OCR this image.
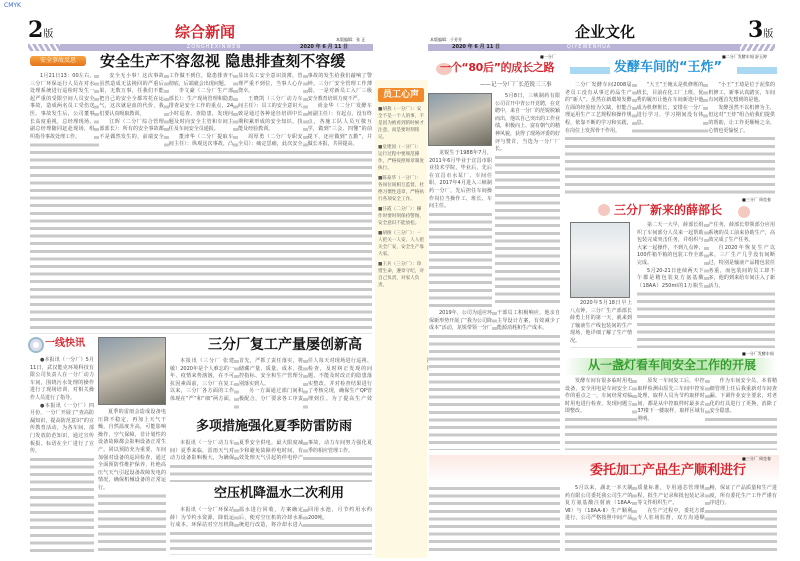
CMYK
2版	综合新闻	本版编辑：张 正
ZONGHEXINWEN	2020 年 6 月 11 日
安全事故反思	安全生产不容忽视 隐患排查刻不容缓

1月21日13：00左右，三分厂环保运行人员在对水处理系统进行巡检时发生一起严重的受限空间人员安全事故，造成两名员工受伤送医。事故发生后，公司董事长高度重视，总经理现场、副总经理随同赶赴现场，组织指导事故处理工作。

安全无小事！这次事故虽然造成无法挽回的严重后果，无数万事，任我们不能把自己的安全全都寄托在运气，这次就是血的代价，我们要认真吸取教训。

江晖（二分厂综合管理部部长）：所有的安全事故都不是偶然发生的，前端安全工作做不到位，隐患排查不彻底，后端就会出现问题。

李文豪（二分厂生产部部长）：生产现场管理和隐患排查是安全工作的重点，24小时巡查、查隐患，发现问题及时向安全主管和车间主任及车间安全员通报。

董津华（二分厂提取车间主任）：纵观这次事故，凸显出员工安全意识淡薄，管理严重不到位，当事人心存侥幸。

王晓凯（三分厂动力车间主任）：员工的安全意识大致是通过各种途径培训中长期积累形成的安全知识、技能及经验教训。

周厚勇（二分厂专职安全员）：痛定思痛，此次安全事故的发生给我们敲响了警钟。三分厂安全管理工作薄弱，一是对新员工入厂三级安全教育培训力度不严。

尚金华（二分厂发酵车间副主任）：有起点，没有终点，各施工队人员互敬互学，做到“三会、四懂”的前提下，还应做到“五勤”，并做长本报，共同提高。

一线快讯

●本报讯（一分厂）5月11日，武汉能克环境科技有限公司负责人在一分厂动力车间，围绕污水处理的操作进行了现场培训，对相关操作人员进行了指导。

●本报讯（一分厂）四月份，一分厂开展了“查高防漏知识，提高防范意识”的宣传教育活动，为各车间、部门发放防范知识，通过宣传板报、标语在全厂进行了宣传。

三分厂复工产量屡创新高

本报讯（三分厂 张建敏）2020年是个人难忘的一年，疫情来势汹汹，在不可抗因素面前，三分厂在复工以来，三分厂各方面的工作体现在“严”和“细”两方面，首先，严抓了责任落实，将储藏产量、质量、成本、批控指标、安全和生产管理分别落实到人。

另一方面通过部门间积极配合，分厂要求各工序责任人每天对现场进行巡视、检查，及时纠正发现的问题，不能及时改正的隐患落实整改，并对检查结果进行了考核兑现，确保生产QP管理到位。为了提高生产效 全 企

夏季的雷雨会造成设备电压降不稳定，再加上天气干燥，自然温度升高，可能影响操作，空气保障，非计划性的设备故障都会影响设备正常生产。同以预防充为重要，车间加强对设备的巡回检查，通过全面预防性维护保养，杜绝高压气天气引起设备故障发电的情况，确保机械设备的正常运行。

多项措施强化夏季防雷防雨

本报讯（一分厂动力车间）夏季来临，雷雨天气对动力设备影响极大，为确保夏季安全供电，最大限度减少和避免故障停电时间，有效处理天气引起的停电停产事故，动力车间努力强化夏季的相应管理工作。

空压机降温水二次利用

本报讯（一分厂环保站 薛）为节约水资源，降低运行成本，环保站对空压机降温水进行回收，方案确定后，便对空压机的冷却水系统进行改造，将冷却水进入回用水池，月节约用水约200吨。

员工心声

■胡燕（一分厂）：安全不是一个人的事，不是因为被看到的时候才注意，而是要时刻铭记。

■皇建国（一分厂）：运行过程中要规范操作，严格按照规章制度执行。

■陈泰华（一分厂）：各岗位间相互监督，杜绝习惯性违章，严格执行各项安全工作。

■汪霞（二分厂）：操作时要时刻保持警惕，安全意识不能放松。

■胡俊（三分厂）：一人把关一人安，人人把关全厂安，安全生产靠大家。

■王兵（三分厂）：珍惜生命，遵章守纪，对自己负责，对家人负责。

本版编辑：于芳芳	企业文化	3版
QIYEWENHUA
2020 年 6 月 11 日
■一分厂
一个“80后”的成长之路
——记一分厂厂长范锐三三事

5月8日，三峡制药有限公司召开中青公开竞聘，在竞聘中，来自一分厂的范锐脱颖而出，他以自己突出的工作业绩，积极向上、富有朝气的精神风貌，获得了现场评委的好评与赞许，当选为一分厂厂长。

龙锐生于1988年7月，2011年6月毕业于宜昌市职业技术学院，毕业后，先后在宜昌市水泵厂、车间任职，2017年4月进入三峡制药一分厂，先后担任车间操作岗位当操作工、班长、车间主任。

2019年，公司为适应环保新形势开展了“我为公司降成本”活动，龙锐带领一分厂干部员工积极响应，他亲自主导设计方案，有效减少了能源消耗和生产成本。

■二分厂发酵车间 舒玉婷
发酵车间的“王炸”

二分厂发酵车间2008届老员工没有从事过药品生产的“新人”，虽然在新環境发酵方面的经验较为欠缺，但能合理运用生产工艺规程和操作规程，依靠不断的学习和实践，在岗位上发挥骨干作用。

“大王”王俺太是机修班的班长，目前在化工厂上班。优秀的履历让他在车间新选中他成为机修班长，安排在一分厂进行学习，学习期间没有休息。

“小王”王琦是位于泥浆的机修工，新事认真踏实，车间有问题首先想到的是他。

发酵虽然不以机修为主，但这对“王炸”组合给我们提供的帮助，让工作更顺畅之余，心情也更愉悦了。

■三分厂 周克春
三分厂新来的薛部长

2020年5月18日早上八点钟，三分厂生产部部长薛勇上任的第一天，就来到了输液生产线包装间的生产现场，他详细了解了生产情况。

第二天一大早，薛部长组织了车间部分人员来一起帮助包装完成突击任务，并组织与大家一起操作，不到九点钟，100件箱半箱的包装工作全部完成。

5月20-21日连续两天下午都是精包装复方氨基酸（18AA）250ml的1万瓶生产任务，薛部长带领部分应用系统的员工前来协助生产，高效完成了生产任务。

自2020年恢复生产以来，三厂生产几乎没有间断过，特别是输液产品精包装任务重，而包装间的员工却不多，他的到来给车间注入了新活力。

■一分厂发酵车间
从一盏灯看车间安全工作的开展

发酵车间有很多临时用电设备，安全用电是车间安全工作的重点之一，车间经常对临时用电进行检查，发现问题立即整改。

原发一车间复工后，中控取样检测由原先三车间中控室处理，取样人员为节约取样时间，都是从中控取样时最多去37楼下一楼取样，取样区域有照明。

作为车间安全员，本着精细管理上任后我重新对车间查漏、下调作业安全要求，对老化的灯具进行了更换，消除了安全隐患。

■三分厂 周克春
委托加工产品生产顺利进行

5月以来，湖北一本天制药有限公司委托我公司生产的复方氨基酸注射液（18AA-Ⅶ）与（18AA-Ⅱ）生产顺利进行，公司严格按照中间产品质量标准，专用通芯管理规程，批生产记录和批包装记录等文件组织生产。

在生产过程中，委托方派专人驻场监督，双方沟通顺畅，保证了产品质量和生产进度，所有委托生产工作严谨有序进行。
